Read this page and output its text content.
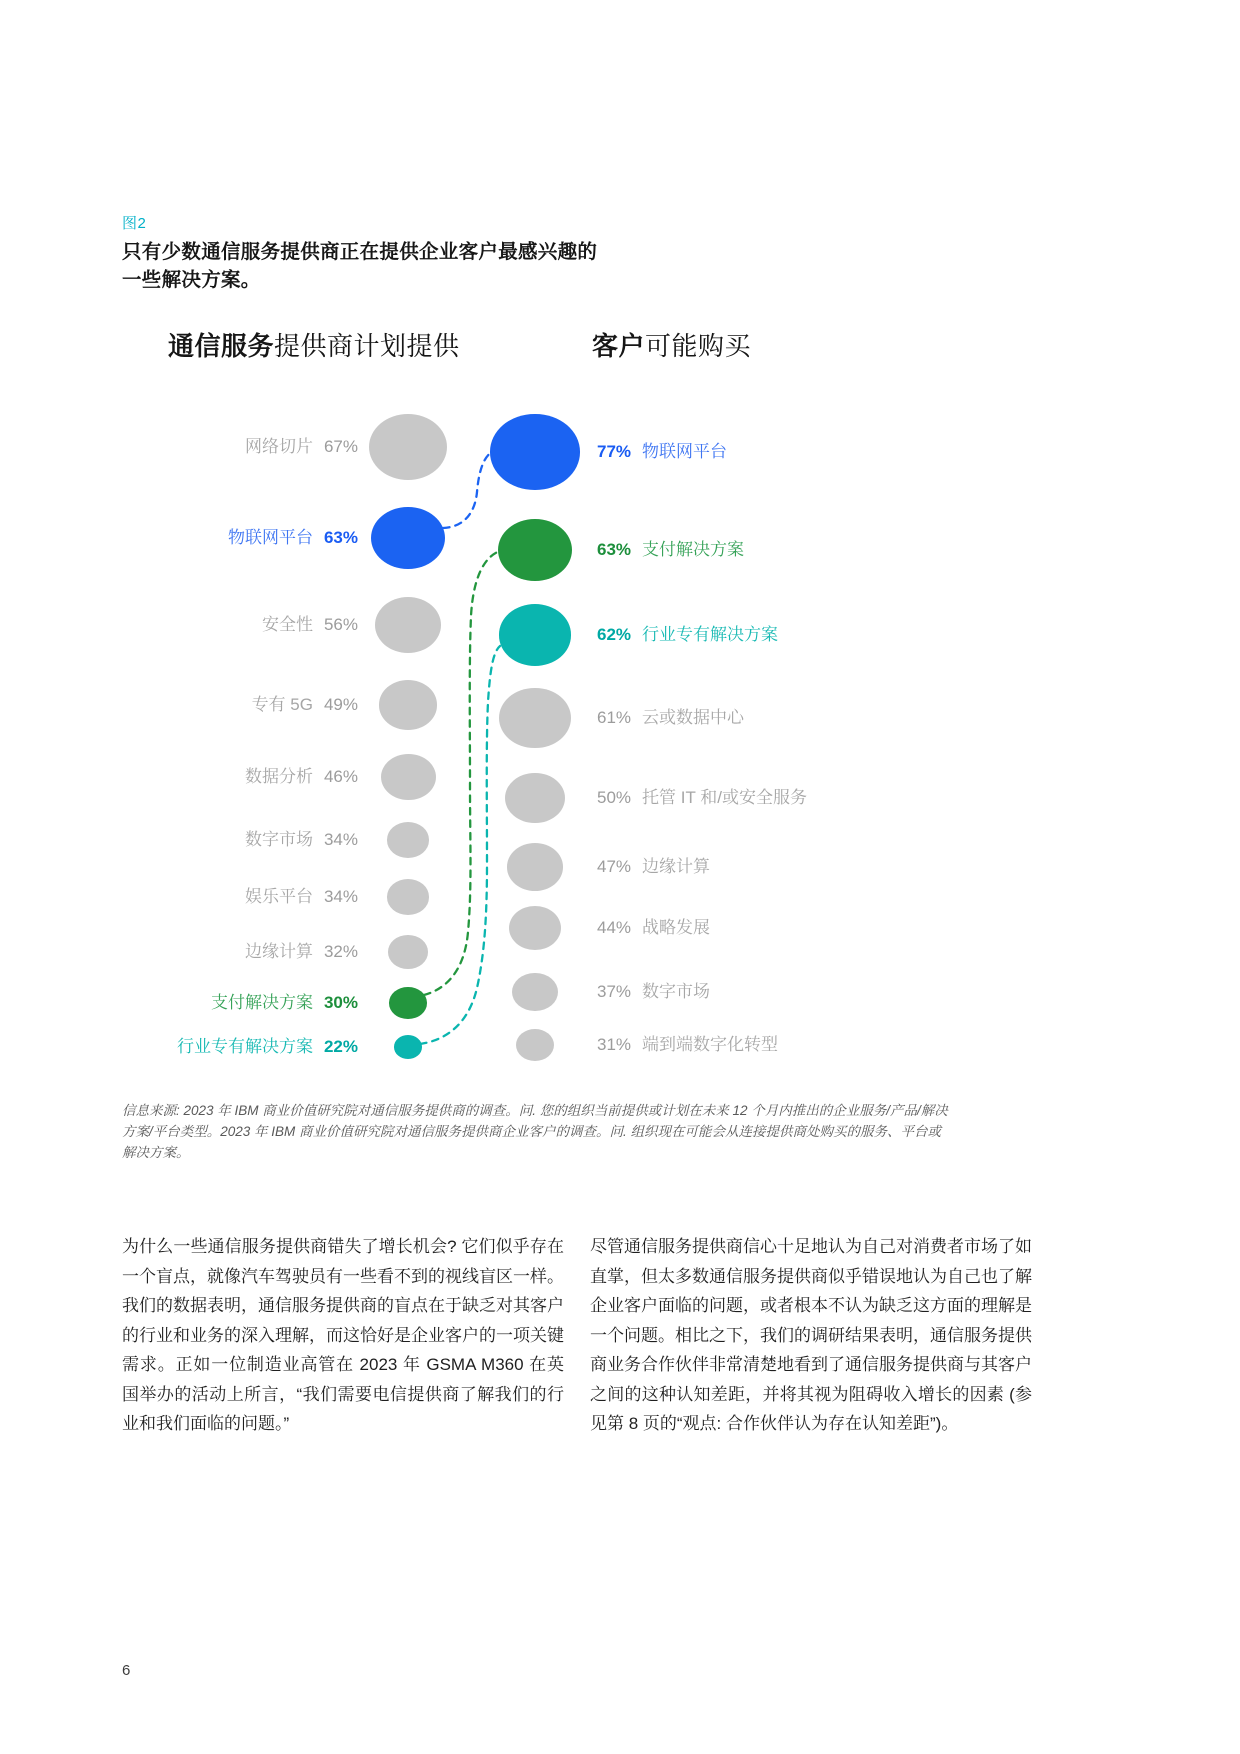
图2
只有少数通信服务提供商正在提供企业客户最感兴趣的一些解决方案。
通信服务提供商计划提供	客户可能购买
网络切片 67%
物联网平台 63%
安全性 56%
专有 5G 49%
数据分析 46%
数字市场 34%
娱乐平台 34%
边缘计算 32%
支付解决方案 30%
行业专有解决方案 22%
77% 物联网平台
63% 支付解决方案
62% 行业专有解决方案
61% 云或数据中心
50% 托管 IT 和/或安全服务
47% 边缘计算
44% 战略发展
37% 数字市场
31% 端到端数字化转型

信息来源: 2023 年 IBM 商业价值研究院对通信服务提供商的调查。问. 您的组织当前提供或计划在未来 12 个月内推出的企业服务/产品/解决方案/平台类型。2023 年 IBM 商业价值研究院对通信服务提供商企业客户的调查。问. 组织现在可能会从连接提供商处购买的服务、平台或解决方案。

为什么一些通信服务提供商错失了增长机会? 它们似乎存在一个盲点，就像汽车驾驶员有一些看不到的视线盲区一样。我们的数据表明，通信服务提供商的盲点在于缺乏对其客户的行业和业务的深入理解，而这恰好是企业客户的一项关键需求。正如一位制造业高管在 2023 年 GSMA M360 在英国举办的活动上所言，“我们需要电信提供商了解我们的行业和我们面临的问题。”

尽管通信服务提供商信心十足地认为自己对消费者市场了如直掌，但太多数通信服务提供商似乎错误地认为自己也了解企业客户面临的问题，或者根本不认为缺乏这方面的理解是一个问题。相比之下，我们的调研结果表明，通信服务提供商业务合作伙伴非常清楚地看到了通信服务提供商与其客户之间的这种认知差距，并将其视为阻碍收入增长的因素 (参见第 8 页的“观点: 合作伙伴认为存在认知差距”)。

6
